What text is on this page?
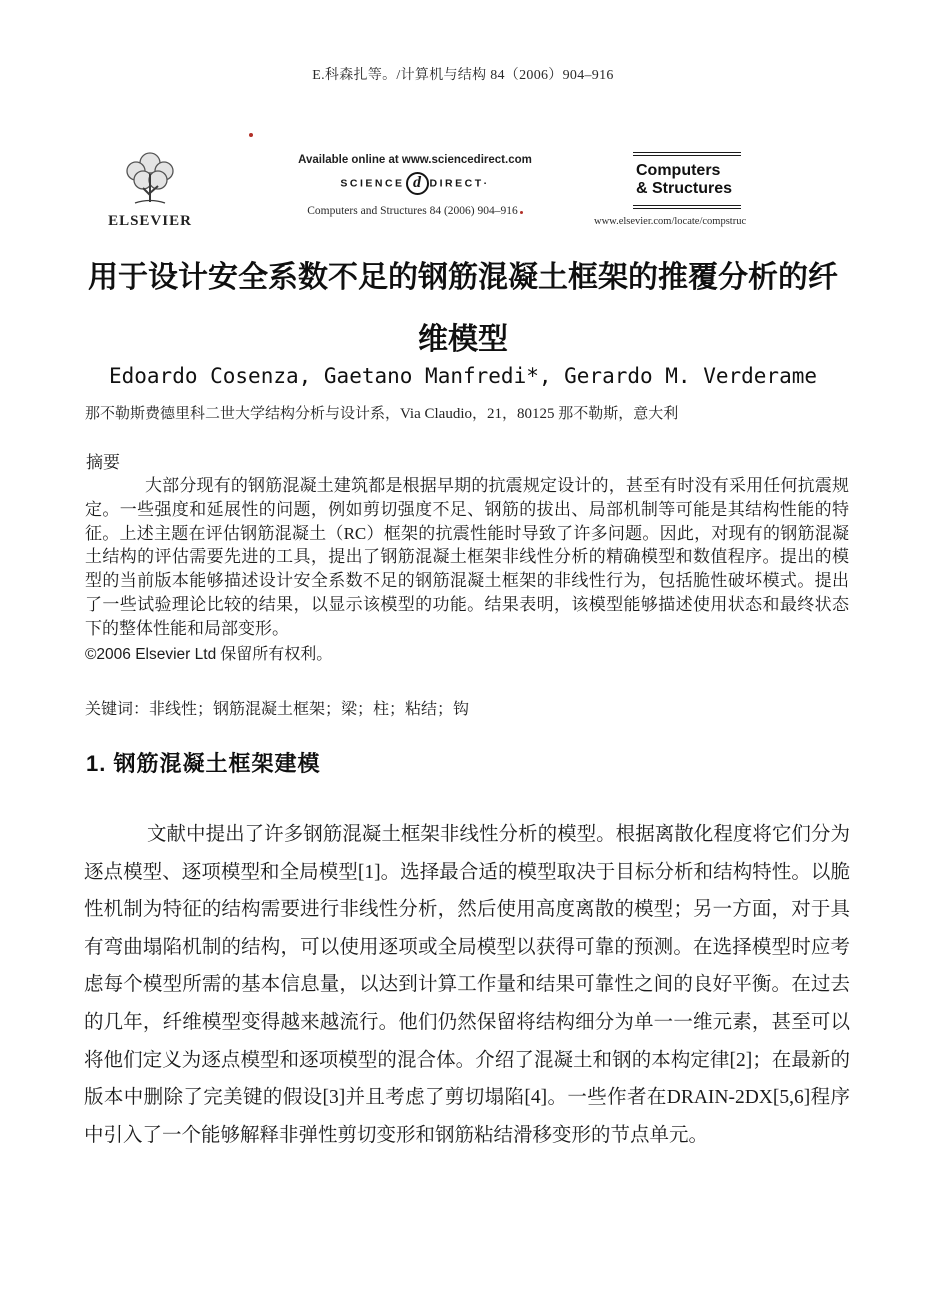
E.科森扎等。/计算机与结构 84（2006）904–916
ELSEVIER
Available online at www.sciencedirect.com
SCIENCE d DIRECT·
Computers and Structures 84 (2006) 904–916
Computers
& Structures
www.elsevier.com/locate/compstruc
用于设计安全系数不足的钢筋混凝土框架的推覆分析的纤维模型
Edoardo Cosenza, Gaetano Manfredi*, Gerardo M. Verderame
那不勒斯费德里科二世大学结构分析与设计系，Via Claudio，21，80125 那不勒斯，意大利
摘要
大部分现有的钢筋混凝土建筑都是根据早期的抗震规定设计的，甚至有时没有采用任何抗震规定。一些强度和延展性的问题，例如剪切强度不足、钢筋的拔出、局部机制等可能是其结构性能的特征。上述主题在评估钢筋混凝土（RC）框架的抗震性能时导致了许多问题。因此，对现有的钢筋混凝土结构的评估需要先进的工具，提出了钢筋混凝土框架非线性分析的精确模型和数值程序。提出的模型的当前版本能够描述设计安全系数不足的钢筋混凝土框架的非线性行为，包括脆性破坏模式。提出了一些试验理论比较的结果，以显示该模型的功能。结果表明，该模型能够描述使用状态和最终状态下的整体性能和局部变形。
©2006 Elsevier Ltd 保留所有权利。
关键词：非线性；钢筋混凝土框架；梁；柱；粘结；钩
1. 钢筋混凝土框架建模
文献中提出了许多钢筋混凝土框架非线性分析的模型。根据离散化程度将它们分为逐点模型、逐项模型和全局模型[1]。选择最合适的模型取决于目标分析和结构特性。以脆性机制为特征的结构需要进行非线性分析，然后使用高度离散的模型；另一方面，对于具有弯曲塌陷机制的结构，可以使用逐项或全局模型以获得可靠的预测。在选择模型时应考虑每个模型所需的基本信息量，以达到计算工作量和结果可靠性之间的良好平衡。在过去的几年，纤维模型变得越来越流行。他们仍然保留将结构细分为单一一维元素，甚至可以将他们定义为逐点模型和逐项模型的混合体。介绍了混凝土和钢的本构定律[2]；在最新的版本中删除了完美键的假设[3]并且考虑了剪切塌陷[4]。一些作者在DRAIN-2DX[5,6]程序中引入了一个能够解释非弹性剪切变形和钢筋粘结滑移变形的节点单元。
